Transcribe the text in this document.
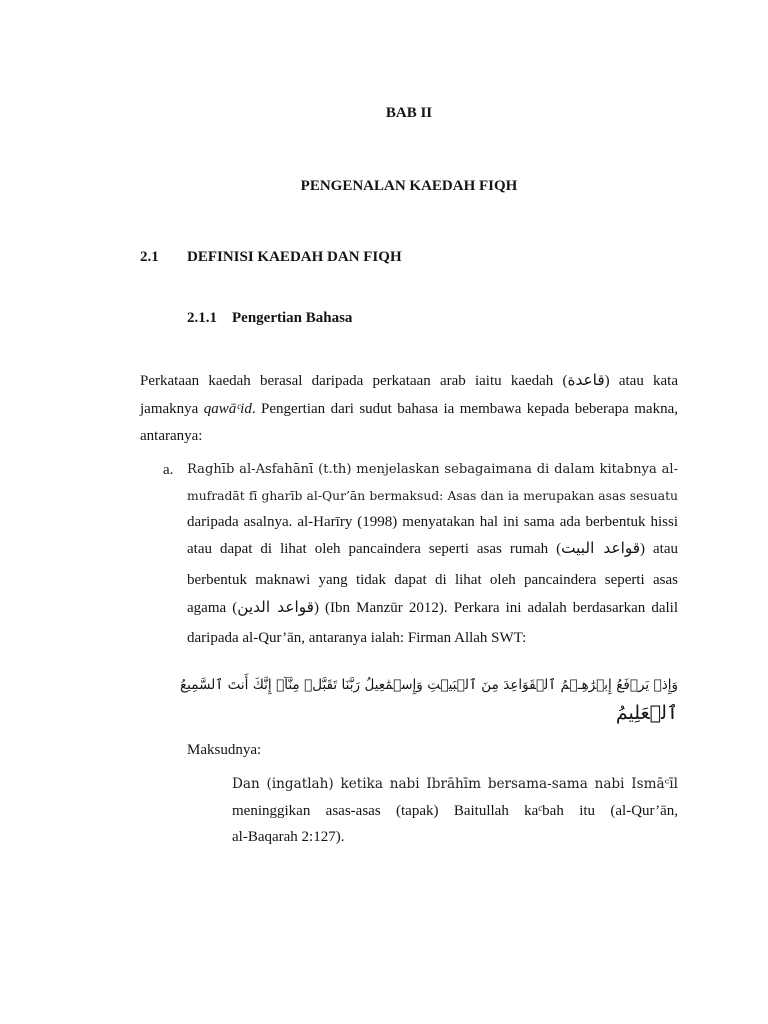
BAB II
PENGENALAN KAEDAH FIQH
2.1 DEFINISI KAEDAH DAN FIQH
2.1.1 Pengertian Bahasa
Perkataan kaedah berasal daripada perkataan arab iaitu kaedah (قاعدة) atau kata
jamaknya qawāᶜid. Pengertian dari sudut bahasa ia membawa kepada beberapa makna,
antaranya:
a. Raghīb al-Asfahānī (t.th) menjelaskan sebagaimana di dalam kitabnya al-
mufradāt fī gharīb al-Qur’ān bermaksud: Asas dan ia merupakan asas sesuatu
daripada asalnya. al-Harīry (1998) menyatakan hal ini sama ada berbentuk hissi
atau dapat di lihat oleh pancaindera seperti asas rumah (قواعد البيت) atau
berbentuk maknawi yang tidak dapat di lihat oleh pancaindera seperti asas
agama (قواعد الدين) (Ibn Manzūr 2012). Perkara ini adalah berdasarkan dalil
daripada al-Qur’ān, antaranya ialah: Firman Allah SWT:
وَإِذۡ يَرۡفَعُ إِبۡرَٰهِـۧمُ ٱلۡقَوَاعِدَ مِنَ ٱلۡبَيۡتِ وَإِسۡمَٰعِيلُ رَبَّنَا تَقَبَّلۡ مِنَّآۖ إِنَّكَ أَنتَ ٱلسَّمِيعُ
ٱلۡعَلِيمُ
Maksudnya:
Dan (ingatlah) ketika nabi Ibrāhīm bersama-sama nabi Ismāᶜīl
meninggikan asas-asas (tapak) Baitullah kaᶜbah itu (al-Qur’ān,
al-Baqarah 2:127).
